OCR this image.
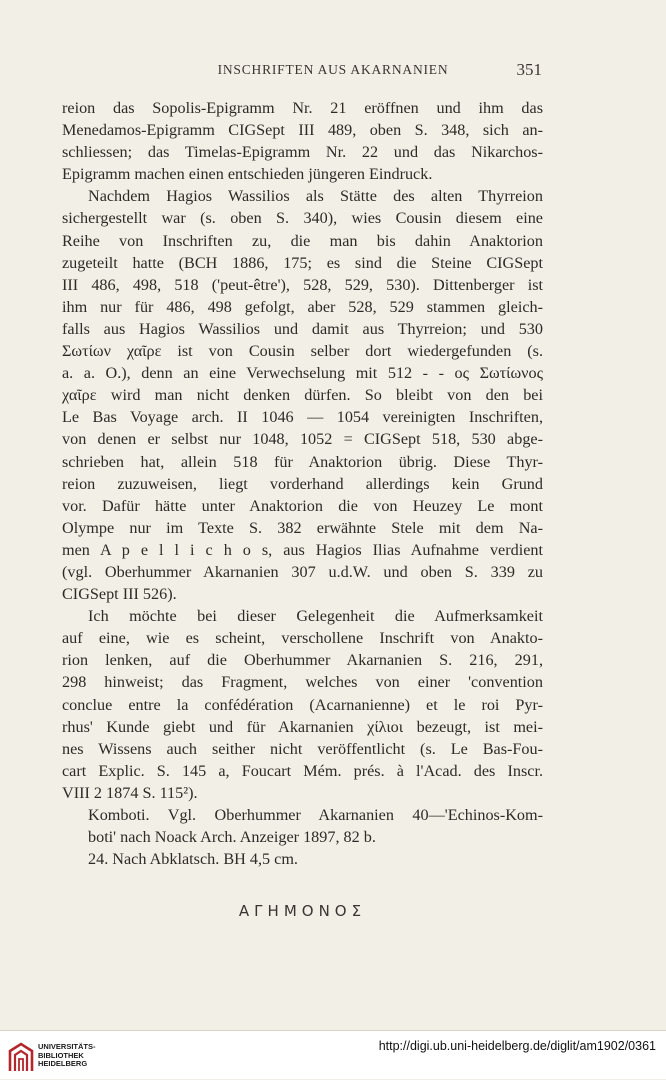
INSCHRIFTEN AUS AKARNANIEN	351

reion das Sopolis-Epigramm Nr. 21 eröffnen und ihm das

Menedamos-Epigramm CIGSept III 489, oben S. 348, sich an-

schliessen; das Timelas-Epigramm Nr. 22 und das Nikarchos-

Epigramm machen einen entschieden jüngeren Eindruck.

Nachdem Hagios Wassilios als Stätte des alten Thyrreion

sichergestellt war (s. oben S. 340), wies Cousin diesem eine

Reihe von Inschriften zu, die man bis dahin Anaktorion

zugeteilt hatte (BCH 1886, 175; es sind die Steine CIGSept

III 486, 498, 518 ('peut-être'), 528, 529, 530). Dittenberger ist

ihm nur für 486, 498 gefolgt, aber 528, 529 stammen gleich-

falls aus Hagios Wassilios und damit aus Thyrreion; und 530

Σωτίων χαῖρε ist von Cousin selber dort wiedergefunden (s.

a. a. O.), denn an eine Verwechselung mit 512 - - ος Σωτίωνος

χαῖρε wird man nicht denken dürfen. So bleibt von den bei

Le Bas Voyage arch. II 1046 — 1054 vereinigten Inschriften,

von denen er selbst nur 1048, 1052 = CIGSept 518, 530 abge-

schrieben hat, allein 518 für Anaktorion übrig. Diese Thyr-

reion zuzuweisen, liegt vorderhand allerdings kein Grund

vor. Dafür hätte unter Anaktorion die von Heuzey Le mont

Olympe nur im Texte S. 382 erwähnte Stele mit dem Na-

men A p e l l i c h o s, aus Hagios Ilias Aufnahme verdient

(vgl. Oberhummer Akarnanien 307 u.d.W. und oben S. 339 zu

CIGSept III 526).

Ich möchte bei dieser Gelegenheit die Aufmerksamkeit

auf eine, wie es scheint, verschollene Inschrift von Anakto-

rion lenken, auf die Oberhummer Akarnanien S. 216, 291,

298 hinweist; das Fragment, welches von einer 'convention

conclue entre la confédération (Acarnanienne) et le roi Pyr-

rhus' Kunde giebt und für Akarnanien χίλιοι bezeugt, ist mei-

nes Wissens auch seither nicht veröffentlicht (s. Le Bas-Fou-

cart Explic. S. 145 a, Foucart Mém. prés. à l'Acad. des Inscr.

VIII 2 1874 S. 115²).

Komboti. Vgl. Oberhummer Akarnanien 40—'Echinos-Kom-

boti' nach Noack Arch. Anzeiger 1897, 82 b.

24. Nach Abklatsch. BH 4,5 cm.

ΑΓΗΜΟΝΟΣ

UNIVERSITÄTS-
BIBLIOTHEK
HEIDELBERG
http://digi.ub.uni-heidelberg.de/diglit/am1902/0361
